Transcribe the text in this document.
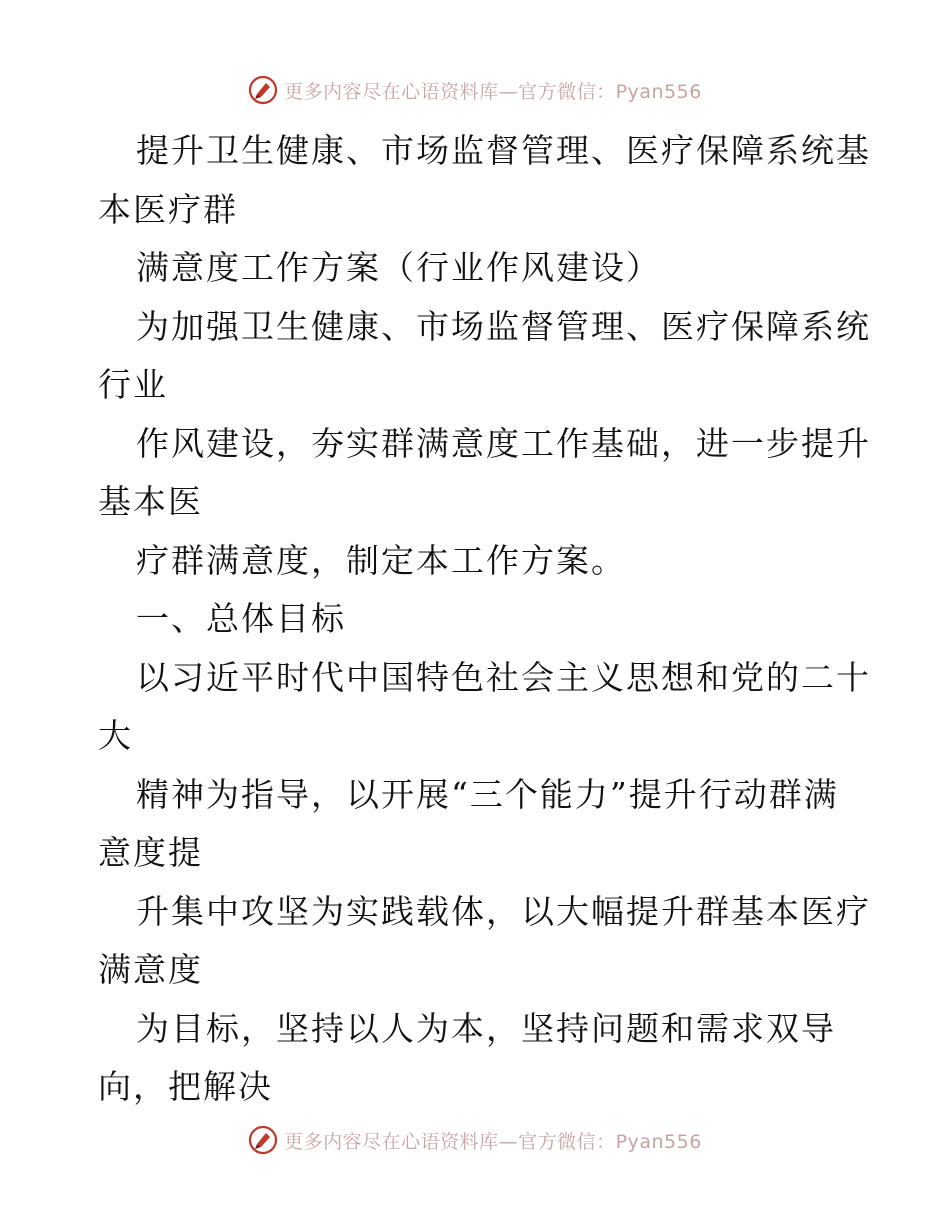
更多内容尽在心语资料库—官方微信：Pyan556
提升卫生健康、市场监督管理、医疗保障系统基
本医疗群
满意度工作方案（行业作风建设）
为加强卫生健康、市场监督管理、医疗保障系统
行业
作风建设，夯实群满意度工作基础，进一步提升
基本医
疗群满意度，制定本工作方案。
一、总体目标
以习近平时代中国特色社会主义思想和党的二十
大
精神为指导，以开展“三个能力”提升行动群满
意度提
升集中攻坚为实践载体，以大幅提升群基本医疗
满意度
为目标，坚持以人为本，坚持问题和需求双导
向，把解决
更多内容尽在心语资料库—官方微信：Pyan556
